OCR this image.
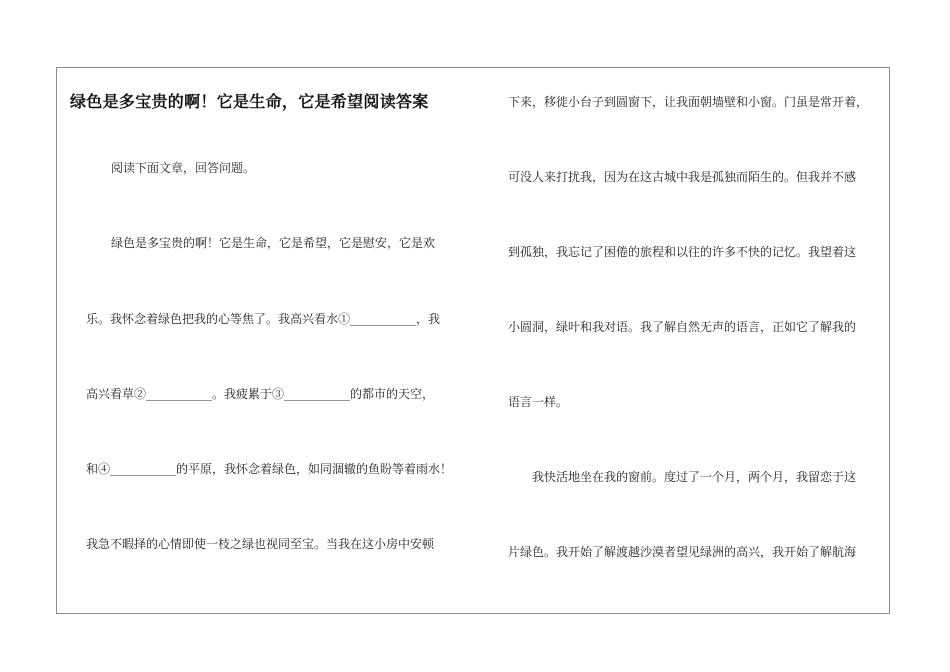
绿色是多宝贵的啊！它是生命，它是希望阅读答案
阅读下面文章，回答问题。
绿色是多宝贵的啊！它是生命，它是希望，它是慰安，它是欢
乐。我怀念着绿色把我的心等焦了。我高兴看水①___________，我
高兴看草②___________。我疲累于③___________的都市的天空，
和④___________的平原，我怀念着绿色，如同涸辙的鱼盼等着雨水！
我急不暇择的心情即使一枝之绿也视同至宝。当我在这小房中安顿
下来，移徙小台子到圆窗下，让我面朝墙壁和小窗。门虽是常开着，
可没人来打扰我，因为在这古城中我是孤独而陌生的。但我并不感
到孤独，我忘记了困倦的旅程和以往的许多不快的记忆。我望着这
小圆洞，绿叶和我对语。我了解自然无声的语言，正如它了解我的
语言一样。
我快活地坐在我的窗前。度过了一个月，两个月，我留恋于这
片绿色。我开始了解渡越沙漠者望见绿洲的高兴，我开始了解航海
